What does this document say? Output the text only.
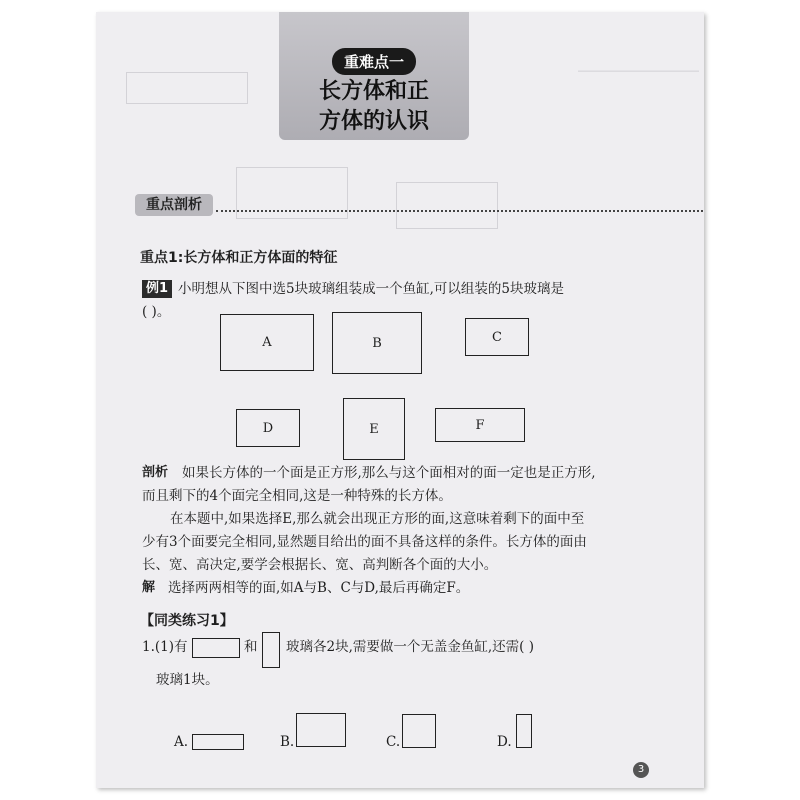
―――――――――――
重难点一
长方体和正
方体的认识
重点剖析
重点1:长方体和正方体面的特征
例1 小明想从下图中选5块玻璃组装成一个鱼缸,可以组装的5块玻璃是
( )。
A	B	C
D	E	F
剖析 如果长方体的一个面是正方形,那么与这个面相对的面一定也是正方形,
而且剩下的4个面完全相同,这是一种特殊的长方体。
在本题中,如果选择E,那么就会出现正方形的面,这意味着剩下的面中至
少有3个面要完全相同,显然题目给出的面不具备这样的条件。长方体的面由
长、宽、高决定,要学会根据长、宽、高判断各个面的大小。
解 选择两两相等的面,如A与B、C与D,最后再确定F。
【同类练习1】
1.(1)有	和 玻璃各2块,需要做一个无盖金鱼缸,还需( )
玻璃1块。
A.	B.	C.	D.
3
